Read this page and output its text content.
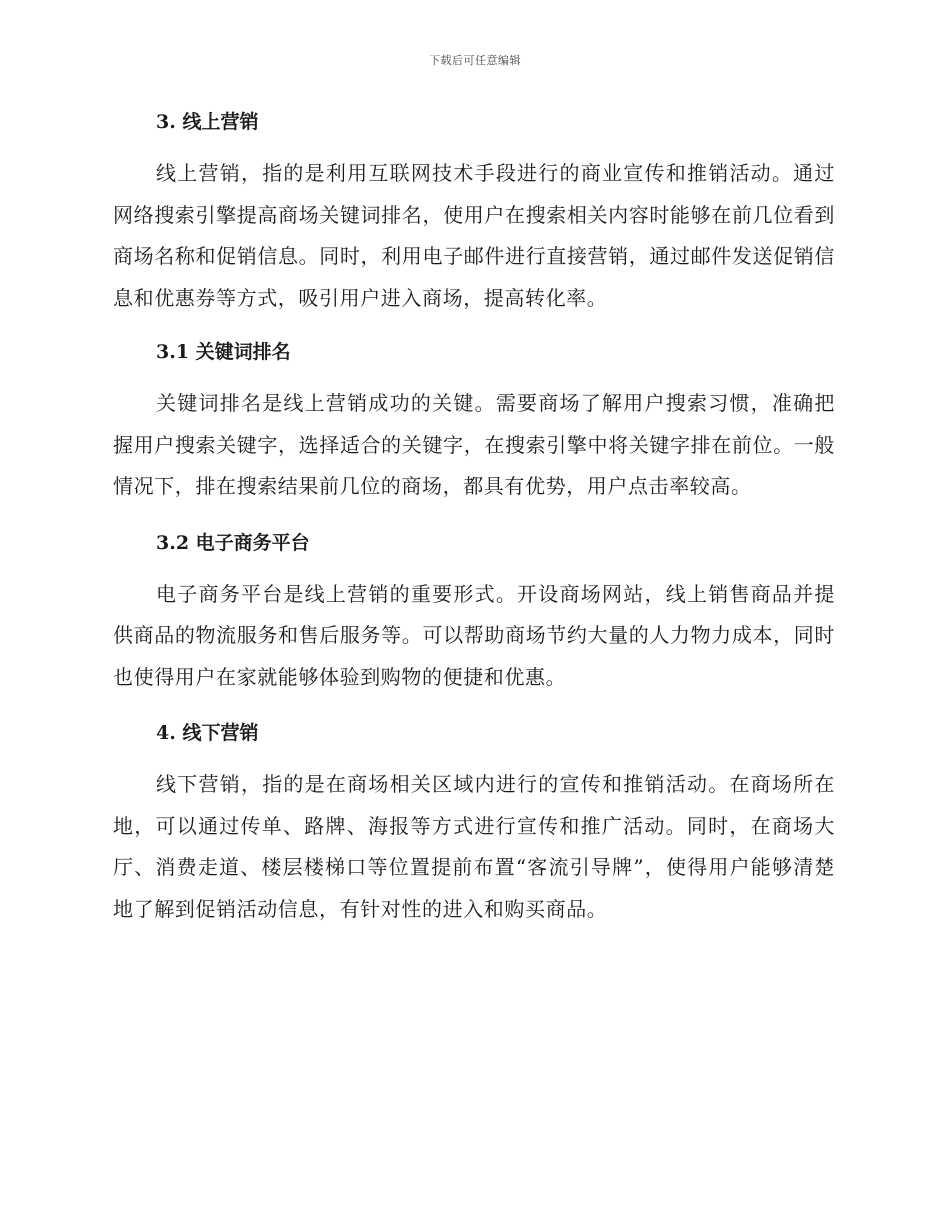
下载后可任意编辑
3. 线上营销

线上营销，指的是利用互联网技术手段进行的商业宣传和推销活动。通过网络搜索引擎提高商场关键词排名，使用户在搜索相关内容时能够在前几位看到商场名称和促销信息。同时，利用电子邮件进行直接营销，通过邮件发送促销信息和优惠券等方式，吸引用户进入商场，提高转化率。

3.1 关键词排名

关键词排名是线上营销成功的关键。需要商场了解用户搜索习惯，准确把握用户搜索关键字，选择适合的关键字，在搜索引擎中将关键字排在前位。一般情况下，排在搜索结果前几位的商场，都具有优势，用户点击率较高。

3.2 电子商务平台

电子商务平台是线上营销的重要形式。开设商场网站，线上销售商品并提供商品的物流服务和售后服务等。可以帮助商场节约大量的人力物力成本，同时也使得用户在家就能够体验到购物的便捷和优惠。

4. 线下营销

线下营销，指的是在商场相关区域内进行的宣传和推销活动。在商场所在地，可以通过传单、路牌、海报等方式进行宣传和推广活动。同时，在商场大厅、消费走道、楼层楼梯口等位置提前布置“客流引导牌”，使得用户能够清楚地了解到促销活动信息，有针对性的进入和购买商品。
